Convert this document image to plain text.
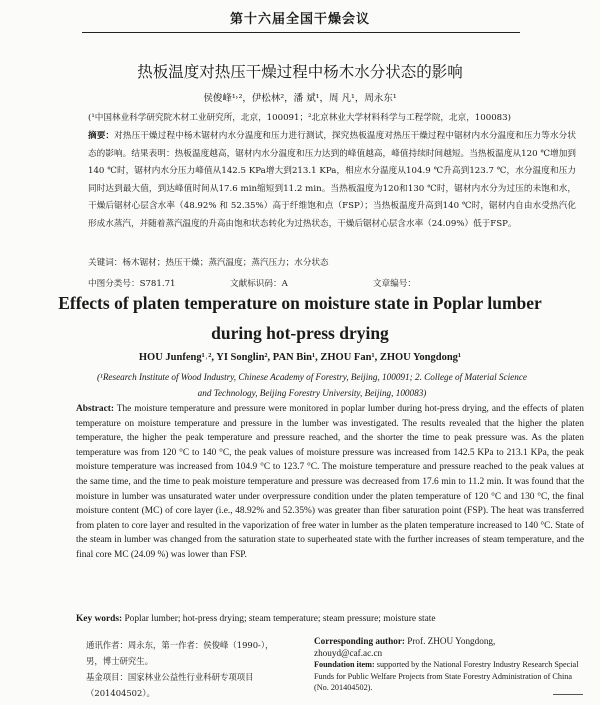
第十六届全国干燥会议
热板温度对热压干燥过程中杨木水分状态的影响
侯俊峰¹˒²，伊松林²，潘 斌¹，周 凡¹，周永东¹
(¹中国林业科学研究院木材工业研究所，北京，100091；²北京林业大学材料科学与工程学院，北京，100083)

摘要：对热压干燥过程中杨木锯材内水分温度和压力进行测试，探究热板温度对热压干燥过程中锯材内水分温度和压力等水分状态的影响。结果表明：热板温度越高，锯材内水分温度和压力达到的峰值越高，峰值持续时间越短。当热板温度从120 ℃增加到140 ℃时，锯材内水分压力峰值从142.5 KPa增大到213.1 KPa，相应水分温度从104.9 ℃升高到123.7 ℃，水分温度和压力同时达到最大值，到达峰值时间从17.6 min缩短到11.2 min。当热板温度为120和130 ℃时，锯材内水分为过压的未饱和水，干燥后锯材心层含水率（48.92% 和 52.35%）高于纤维饱和点（FSP）；当热板温度升高到140 ℃时，锯材内自由水受热汽化形成水蒸汽，并随着蒸汽温度的升高由饱和状态转化为过热状态，干燥后锯材心层含水率（24.09%）低于FSP。

关键词：杨木锯材；热压干燥；蒸汽温度；蒸汽压力；水分状态
中图分类号：S781.71	文献标识码：A	文章编号：
Effects of platen temperature on moisture state in Poplar lumber
during hot-press drying
HOU Junfeng¹˒², YI Songlin², PAN Bin¹, ZHOU Fan¹, ZHOU Yongdong¹
(¹Research Institute of Wood Industry, Chinese Academy of Forestry, Beijing, 100091; 2. College of Material Science and Technology, Beijing Forestry University, Beijing, 100083)

Abstract: The moisture temperature and pressure were monitored in poplar lumber during hot-press drying, and the effects of platen temperature on moisture temperature and pressure in the lumber was investigated. The results revealed that the higher the platen temperature, the higher the peak temperature and pressure reached, and the shorter the time to peak pressure was. As the platen temperature was from 120 °C to 140 °C, the peak values of moisture pressure was increased from 142.5 KPa to 213.1 KPa, the peak moisture temperature was increased from 104.9 °C to 123.7 °C. The moisture temperature and pressure reached to the peak values at the same time, and the time to peak moisture temperature and pressure was decreased from 17.6 min to 11.2 min. It was found that the moisture in lumber was unsaturated water under overpressure condition under the platen temperature of 120 °C and 130 °C, the final moisture content (MC) of core layer (i.e., 48.92% and 52.35%) was greater than fiber saturation point (FSP). The heat was transferred from platen to core layer and resulted in the vaporization of free water in lumber as the platen temperature increased to 140 °C. State of the steam in lumber was changed from the saturation state to superheated state with the further increases of steam temperature, and the final core MC (24.09 %) was lower than FSP.

Key words: Poplar lumber; hot-press drying; steam temperature; steam pressure; moisture state

通讯作者：周永东，第一作者：侯俊峰（1990-），
男，博士研究生。
基金项目：国家林业公益性行业科研专项项目
（201404502）。

Corresponding author: Prof. ZHOU Yongdong,
zhouyd@caf.ac.cn
Foundation item: supported by the National Forestry Industry Research Special Funds for Public Welfare Projects from State Forestry Administration of China (No. 201404502).
